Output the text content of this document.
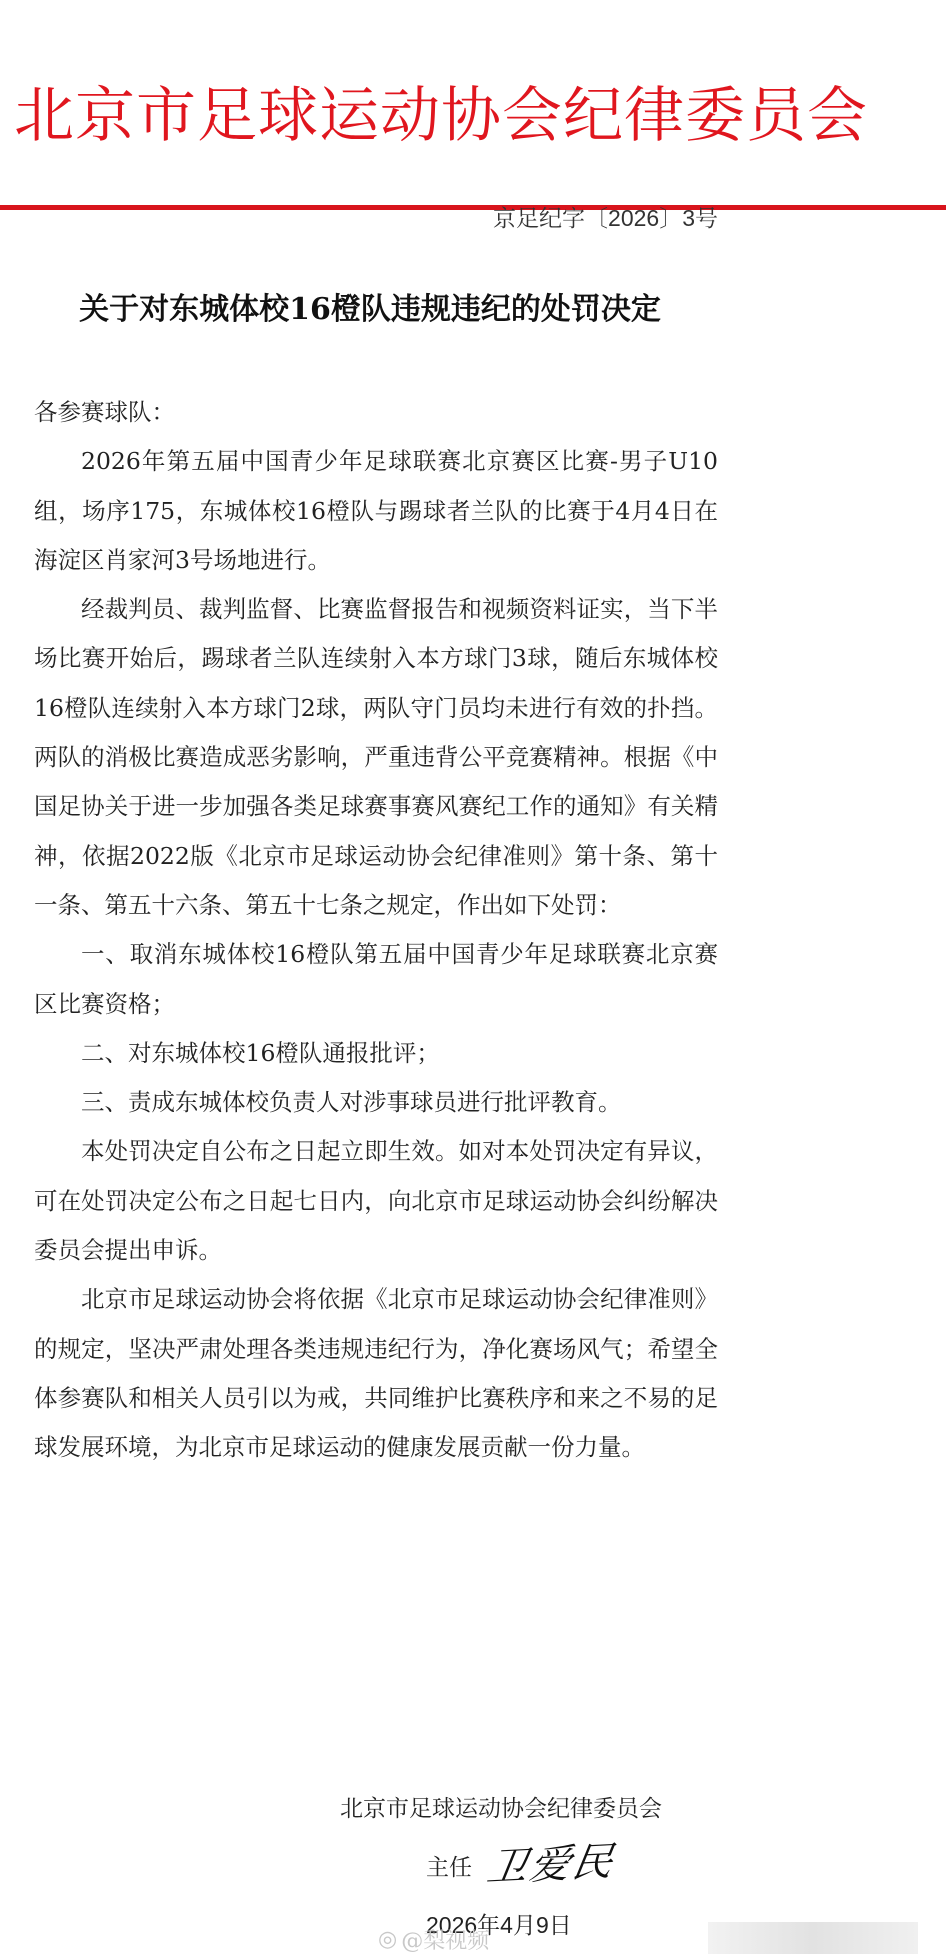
北京市足球运动协会纪律委员会
京足纪字〔2026〕3号
关于对东城体校16橙队违规违纪的处罚决定

各参赛球队：

2026年第五届中国青少年足球联赛北京赛区比赛-男子U10组，场序175，东城体校16橙队与踢球者兰队的比赛于4月4日在海淀区肖家河3号场地进行。

经裁判员、裁判监督、比赛监督报告和视频资料证实，当下半场比赛开始后，踢球者兰队连续射入本方球门3球，随后东城体校16橙队连续射入本方球门2球，两队守门员均未进行有效的扑挡。两队的消极比赛造成恶劣影响，严重违背公平竞赛精神。根据《中国足协关于进一步加强各类足球赛事赛风赛纪工作的通知》有关精神，依据2022版《北京市足球运动协会纪律准则》第十条、第十一条、第五十六条、第五十七条之规定，作出如下处罚：

一、取消东城体校16橙队第五届中国青少年足球联赛北京赛区比赛资格；

二、对东城体校16橙队通报批评；

三、责成东城体校负责人对涉事球员进行批评教育。

本处罚决定自公布之日起立即生效。如对本处罚决定有异议，可在处罚决定公布之日起七日内，向北京市足球运动协会纠纷解决委员会提出申诉。

北京市足球运动协会将依据《北京市足球运动协会纪律准则》的规定，坚决严肃处理各类违规违纪行为，净化赛场风气；希望全体参赛队和相关人员引以为戒，共同维护比赛秩序和来之不易的足球发展环境，为北京市足球运动的健康发展贡献一份力量。

北京市足球运动协会纪律委员会
主任 卫爱民
2026年4月9日
◎ @梨视频
